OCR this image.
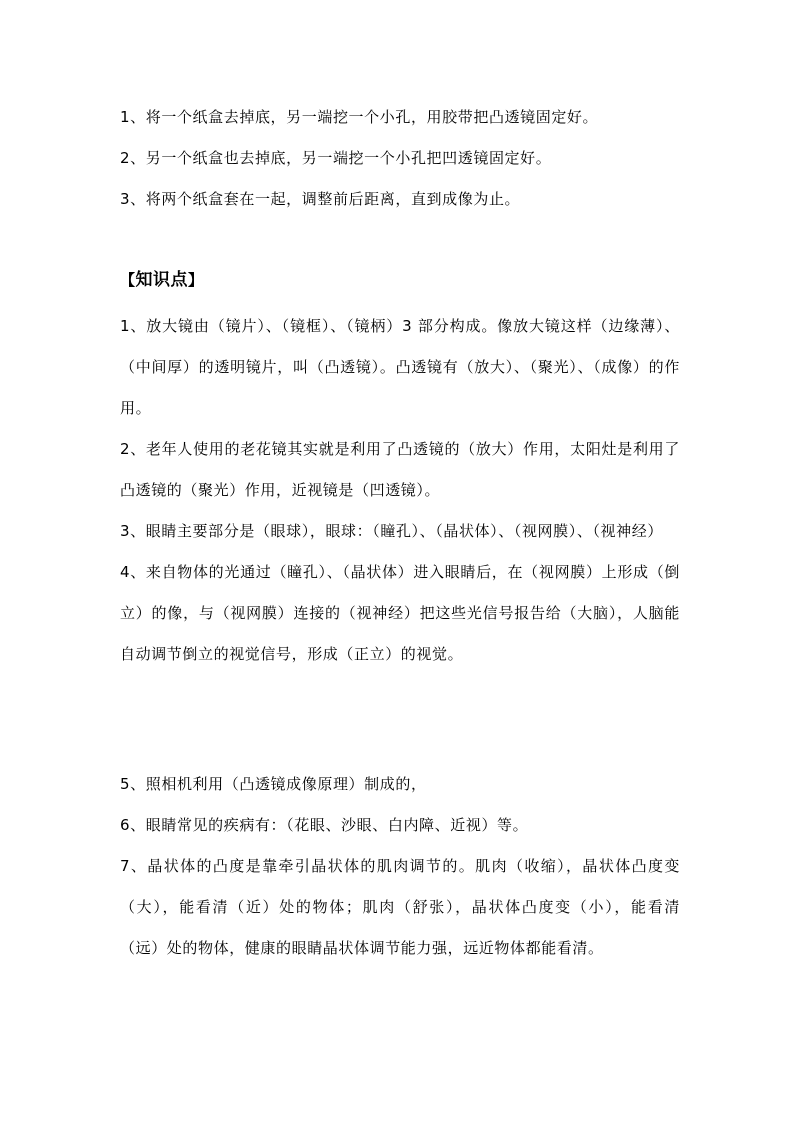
1、将一个纸盒去掉底，另一端挖一个小孔，用胶带把凸透镜固定好。
2、另一个纸盒也去掉底，另一端挖一个小孔把凹透镜固定好。
3、将两个纸盒套在一起，调整前后距离，直到成像为止。
【知识点】

1、放大镜由（镜片）、（镜框）、（镜柄）3 部分构成。像放大镜这样（边缘薄）、（中间厚）的透明镜片，叫（凸透镜）。凸透镜有（放大）、（聚光）、（成像）的作用。

2、老年人使用的老花镜其实就是利用了凸透镜的（放大）作用，太阳灶是利用了凸透镜的（聚光）作用，近视镜是（凹透镜）。

3、眼睛主要部分是（眼球），眼球：（瞳孔）、（晶状体）、（视网膜）、（视神经）

4、来自物体的光通过（瞳孔）、（晶状体）进入眼睛后，在（视网膜）上形成（倒立）的像，与（视网膜）连接的（视神经）把这些光信号报告给（大脑），人脑能自动调节倒立的视觉信号，形成（正立）的视觉。

5、照相机利用（凸透镜成像原理）制成的，

6、眼睛常见的疾病有：（花眼、沙眼、白内障、近视）等。

7、晶状体的凸度是靠牵引晶状体的肌肉调节的。肌肉（收缩），晶状体凸度变（大），能看清（近）处的物体；肌肉（舒张），晶状体凸度变（小），能看清（远）处的物体，健康的眼睛晶状体调节能力强，远近物体都能看清。
